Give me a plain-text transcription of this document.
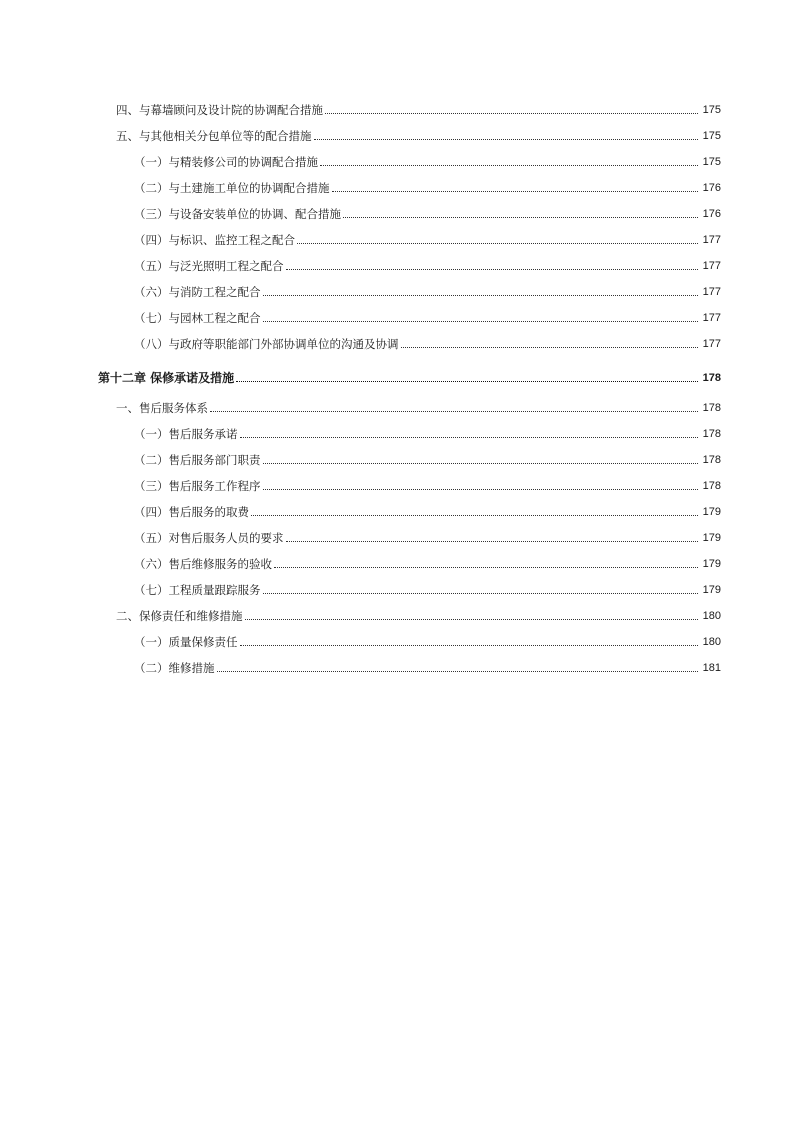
四、与幕墙顾问及设计院的协调配合措施	175
五、与其他相关分包单位等的配合措施	175
（一）与精装修公司的协调配合措施	175
（二）与土建施工单位的协调配合措施	176
（三）与设备安装单位的协调、配合措施	176
（四）与标识、监控工程之配合	177
（五）与泛光照明工程之配合	177
（六）与消防工程之配合	177
（七）与园林工程之配合	177
（八）与政府等职能部门外部协调单位的沟通及协调	177
第十二章 保修承诺及措施	178
一、售后服务体系	178
（一）售后服务承诺	178
（二）售后服务部门职责	178
（三）售后服务工作程序	178
（四）售后服务的取费	179
（五）对售后服务人员的要求	179
（六）售后维修服务的验收	179
（七）工程质量跟踪服务	179
二、保修责任和维修措施	180
（一）质量保修责任	180
（二）维修措施	181
